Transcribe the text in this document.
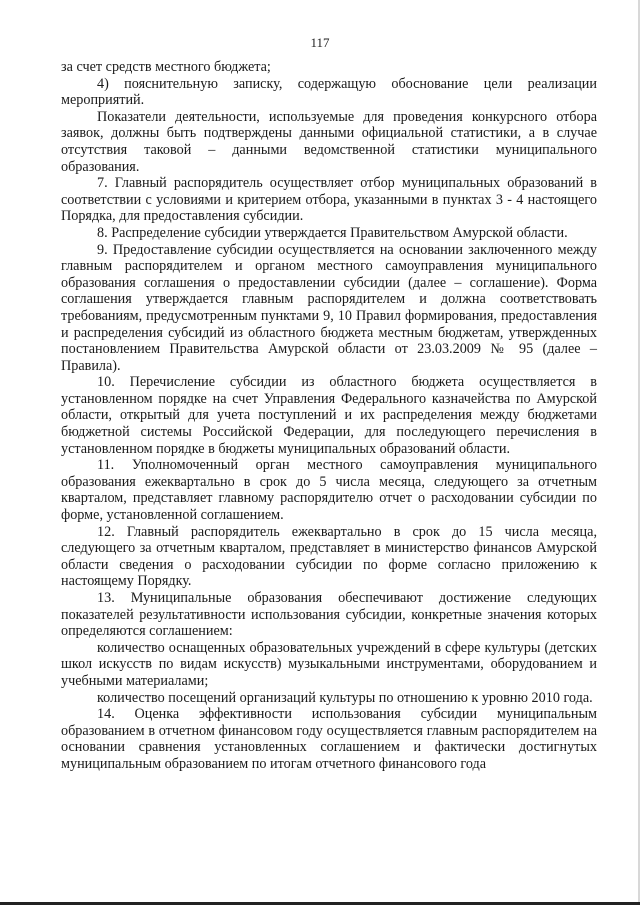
117

за счет средств местного бюджета;

4) пояснительную записку, содержащую обоснование цели реализации мероприятий.

Показатели деятельности, используемые для проведения конкурсного отбора заявок, должны быть подтверждены данными официальной статистики, а в случае отсутствия таковой – данными ведомственной статистики муниципального образования.

7. Главный распорядитель осуществляет отбор муниципальных образований в соответствии с условиями и критерием отбора, указанными в пунктах 3 - 4 настоящего Порядка, для предоставления субсидии.

8. Распределение субсидии утверждается Правительством Амурской области.

9. Предоставление субсидии осуществляется на основании заключенного между главным распорядителем и органом местного самоуправления муниципального образования соглашения о предоставлении субсидии (далее – соглашение). Форма соглашения утверждается главным распорядителем и должна соответствовать требованиям, предусмотренным пунктами 9, 10 Правил формирования, предоставления и распределения субсидий из областного бюджета местным бюджетам, утвержденных постановлением Правительства Амурской области от 23.03.2009 № 95 (далее – Правила).

10. Перечисление субсидии из областного бюджета осуществляется в установленном порядке на счет Управления Федерального казначейства по Амурской области, открытый для учета поступлений и их распределения между бюджетами бюджетной системы Российской Федерации, для последующего перечисления в установленном порядке в бюджеты муниципальных образований области.

11. Уполномоченный орган местного самоуправления муниципального образования ежеквартально в срок до 5 числа месяца, следующего за отчетным кварталом, представляет главному распорядителю отчет о расходовании субсидии по форме, установленной соглашением.

12. Главный распорядитель ежеквартально в срок до 15 числа месяца, следующего за отчетным кварталом, представляет в министерство финансов Амурской области сведения о расходовании субсидии по форме согласно приложению к настоящему Порядку.

13. Муниципальные образования обеспечивают достижение следующих показателей результативности использования субсидии, конкретные значения которых определяются соглашением:

количество оснащенных образовательных учреждений в сфере культуры (детских школ искусств по видам искусств) музыкальными инструментами, оборудованием и учебными материалами;

количество посещений организаций культуры по отношению к уровню 2010 года.

14. Оценка эффективности использования субсидии муниципальным образованием в отчетном финансовом году осуществляется главным распорядителем на основании сравнения установленных соглашением и фактически достигнутых муниципальным образованием по итогам отчетного финансового года
